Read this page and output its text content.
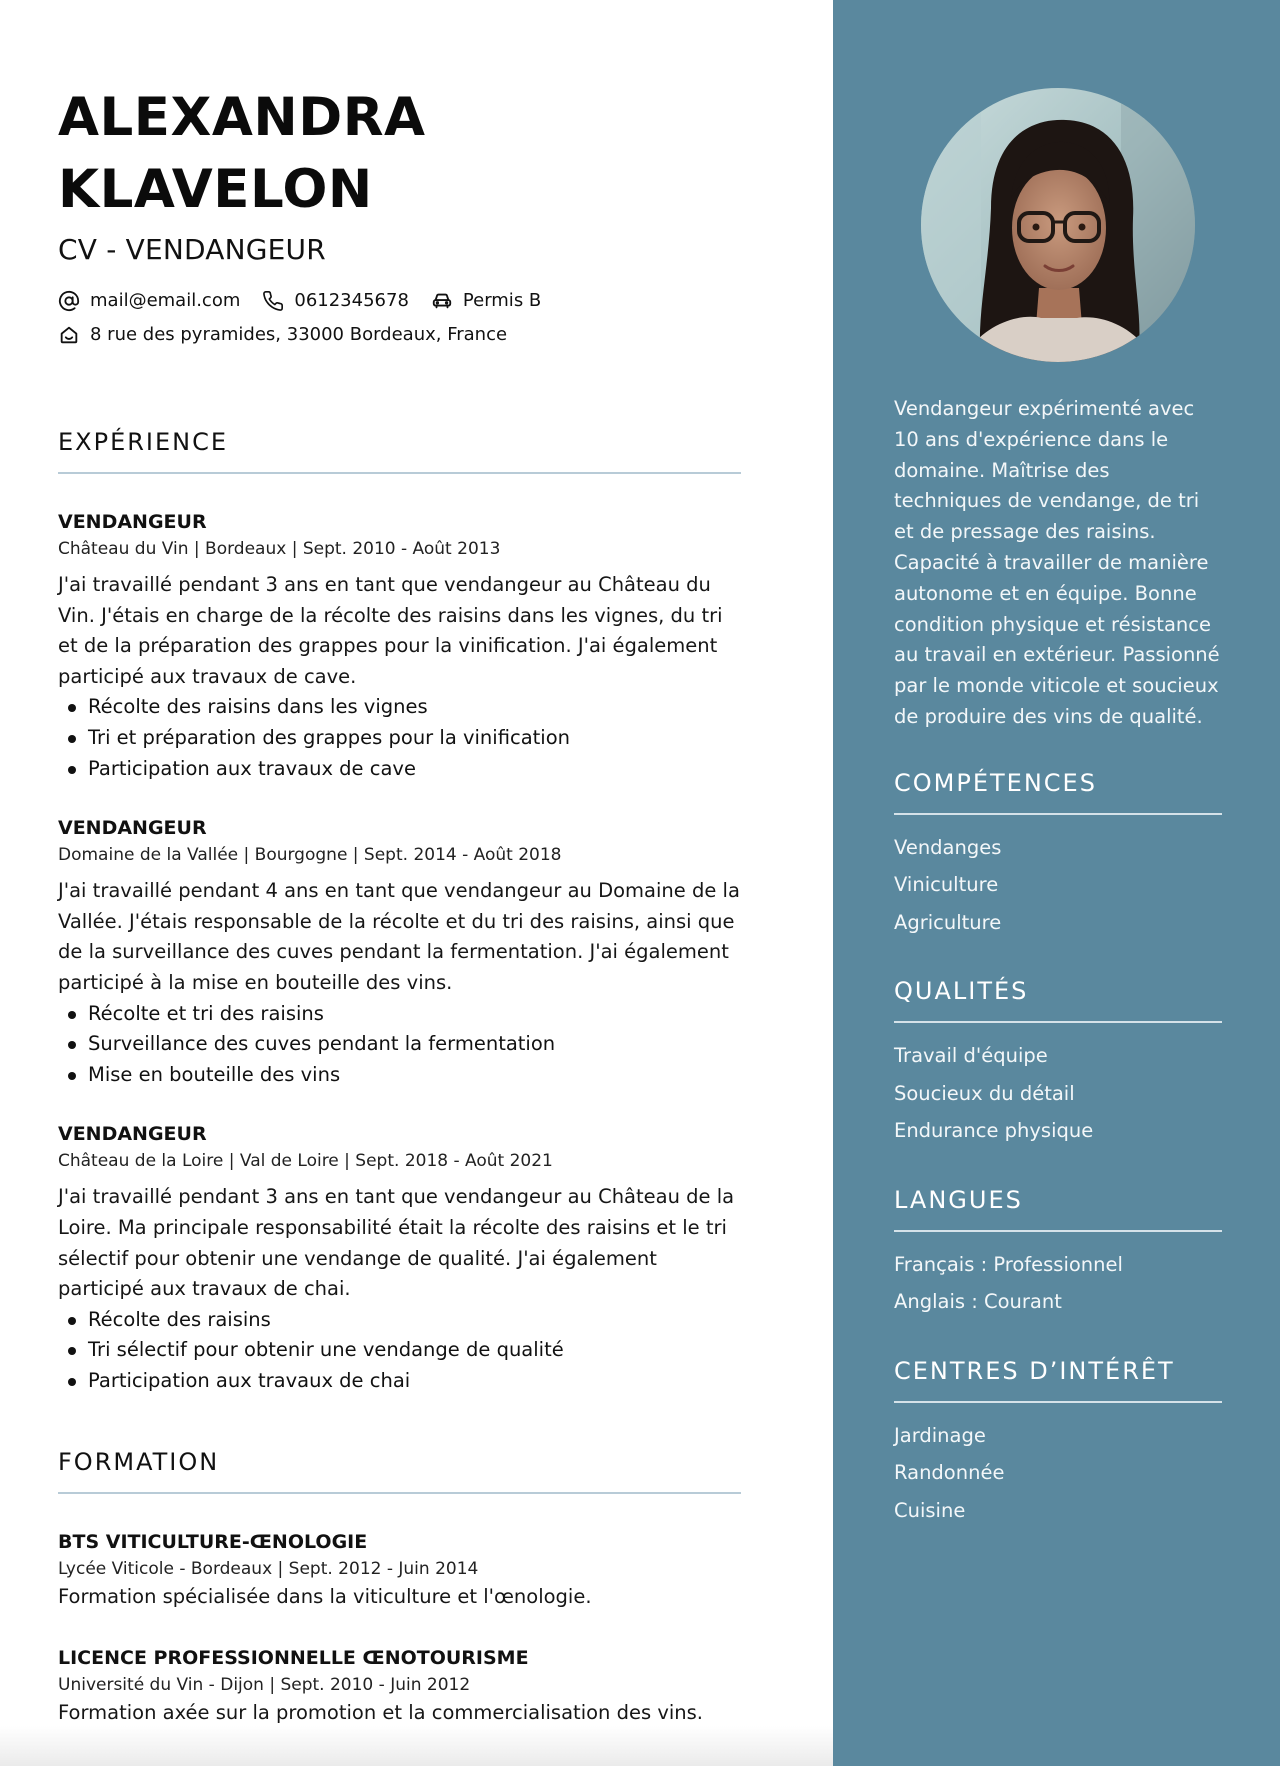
ALEXANDRA KLAVELON
CV - VENDANGEUR
mail@email.com	0612345678	Permis B
8 rue des pyramides, 33000 Bordeaux, France
EXPÉRIENCE
VENDANGEUR
Château du Vin | Bordeaux | Sept. 2010 - Août 2013
J'ai travaillé pendant 3 ans en tant que vendangeur au Château du Vin. J'étais en charge de la récolte des raisins dans les vignes, du tri et de la préparation des grappes pour la vinification. J'ai également participé aux travaux de cave.
Récolte des raisins dans les vignes
Tri et préparation des grappes pour la vinification
Participation aux travaux de cave
VENDANGEUR
Domaine de la Vallée | Bourgogne | Sept. 2014 - Août 2018
J'ai travaillé pendant 4 ans en tant que vendangeur au Domaine de la Vallée. J'étais responsable de la récolte et du tri des raisins, ainsi que de la surveillance des cuves pendant la fermentation. J'ai également participé à la mise en bouteille des vins.
Récolte et tri des raisins
Surveillance des cuves pendant la fermentation
Mise en bouteille des vins
VENDANGEUR
Château de la Loire | Val de Loire | Sept. 2018 - Août 2021
J'ai travaillé pendant 3 ans en tant que vendangeur au Château de la Loire. Ma principale responsabilité était la récolte des raisins et le tri sélectif pour obtenir une vendange de qualité. J'ai également participé aux travaux de chai.
Récolte des raisins
Tri sélectif pour obtenir une vendange de qualité
Participation aux travaux de chai
FORMATION
BTS VITICULTURE-ŒNOLOGIE
Lycée Viticole - Bordeaux | Sept. 2012 - Juin 2014
Formation spécialisée dans la viticulture et l'œnologie.
LICENCE PROFESSIONNELLE ŒNOTOURISME
Université du Vin - Dijon | Sept. 2010 - Juin 2012
Formation axée sur la promotion et la commercialisation des vins.
Vendangeur expérimenté avec 10 ans d'expérience dans le domaine. Maîtrise des techniques de vendange, de tri et de pressage des raisins. Capacité à travailler de manière autonome et en équipe. Bonne condition physique et résistance au travail en extérieur. Passionné par le monde viticole et soucieux de produire des vins de qualité.
COMPÉTENCES
Vendanges
Viniculture
Agriculture
QUALITÉS
Travail d'équipe
Soucieux du détail
Endurance physique
LANGUES
Français : Professionnel
Anglais : Courant
CENTRES D’INTÉRÊT
Jardinage
Randonnée
Cuisine
